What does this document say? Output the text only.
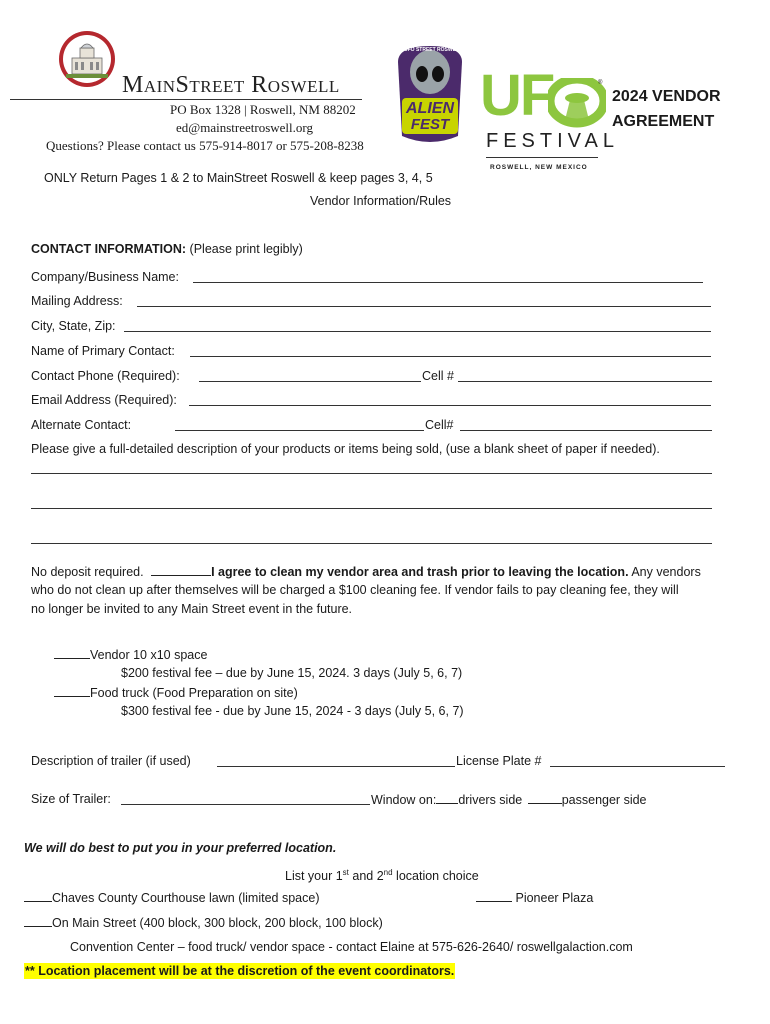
MainStreet Roswell
PO Box 1328 | Roswell, NM 88202
ed@mainstreetroswell.org
Questions? Please contact us 575-914-8017 or 575-208-8238
UFO STREET ROSWELL
ALIEN
FEST UF	®
FESTIVAL
ROSWELL, NEW MEXICO
2024 VENDOR
AGREEMENT
ONLY Return Pages 1 & 2 to MainStreet Roswell & keep pages 3, 4, 5
Vendor Information/Rules
CONTACT INFORMATION: (Please print legibly)
Company/Business Name:
Mailing Address:
City, State, Zip:
Name of Primary Contact:
Contact Phone (Required):	Cell #
Email Address (Required):
Alternate Contact:	Cell#
Please give a full-detailed description of your products or items being sold, (use a blank sheet of paper if needed).
No deposit required.	I agree to clean my vendor area and trash prior to leaving the location. Any vendors
who do not clean up after themselves will be charged a $100 cleaning fee. If vendor fails to pay cleaning fee, they will
no longer be invited to any Main Street event in the future.
Vendor 10 x10 space
$200 festival fee – due by June 15, 2024. 3 days (July 5, 6, 7)
Food truck (Food Preparation on site)
$300 festival fee - due by June 15, 2024 - 3 days (July 5, 6, 7)
Description of trailer (if used)	License Plate #
Size of Trailer:	Window on: drivers side	passenger side
We will do best to put you in your preferred location.
List your 1st and 2nd location choice
Chaves County Courthouse lawn (limited space)	Pioneer Plaza
On Main Street (400 block, 300 block, 200 block, 100 block)
Convention Center – food truck/ vendor space - contact Elaine at 575-626-2640/ roswellgalaction.com
** Location placement will be at the discretion of the event coordinators.
